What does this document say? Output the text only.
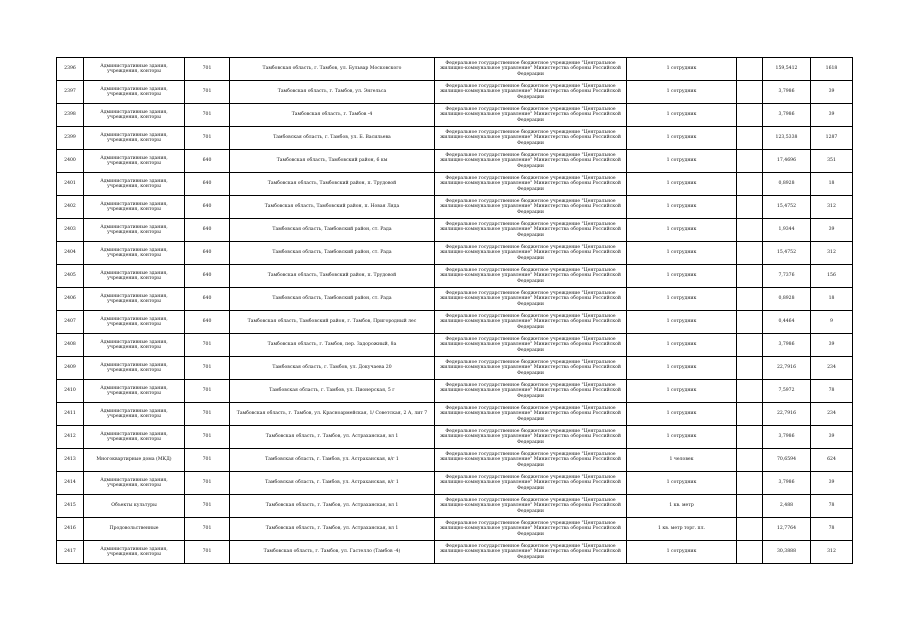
2396	Административные здания, учреждения, конторы	701	Тамбовская область, г. Тамбов, ул. Бульвар Московского	Федеральное государственное бюджетное учреждение "Центральное жилищно-коммунальное управление" Министерства обороны Российской Федерации	1 сотрудник		159,5412	1618
2397	Административные здания, учреждения, конторы	701	Тамбовская область, г. Тамбов, ул. Энгельса	Федеральное государственное бюджетное учреждение "Центральное жилищно-коммунальное управление" Министерства обороны Российской Федерации	1 сотрудник		3,7986	39
2398	Административные здания, учреждения, конторы	701	Тамбовская область, г. Тамбов -4	Федеральное государственное бюджетное учреждение "Центральное жилищно-коммунальное управление" Министерства обороны Российской Федерации	1 сотрудник		3,7986	39
2399	Административные здания, учреждения, конторы	701	Тамбовская область, г. Тамбов, ул. Б. Васильева	Федеральное государственное бюджетное учреждение "Центральное жилищно-коммунальное управление" Министерства обороны Российской Федерации	1 сотрудник		123,5338	1287
2400	Административные здания, учреждения, конторы	640	Тамбовская область, Тамбовский район, 6 км	Федеральное государственное бюджетное учреждение "Центральное жилищно-коммунальное управление" Министерства обороны Российской Федерации	1 сотрудник		17,4696	351
2401	Административные здания, учреждения, конторы	640	Тамбовская область, Тамбовский район, п. Трудовой	Федеральное государственное бюджетное учреждение "Центральное жилищно-коммунальное управление" Министерства обороны Российской Федерации	1 сотрудник		0,8928	18
2402	Административные здания, учреждения, конторы	640	Тамбовская область, Тамбовский район, п. Новая Ляда	Федеральное государственное бюджетное учреждение "Центральное жилищно-коммунальное управление" Министерства обороны Российской Федерации	1 сотрудник		15,4752	312
2403	Административные здания, учреждения, конторы	640	Тамбовская область, Тамбовский район, ст. Рада	Федеральное государственное бюджетное учреждение "Центральное жилищно-коммунальное управление" Министерства обороны Российской Федерации	1 сотрудник		1,9344	39
2404	Административные здания, учреждения, конторы	640	Тамбовская область, Тамбовский район, ст. Рада	Федеральное государственное бюджетное учреждение "Центральное жилищно-коммунальное управление" Министерства обороны Российской Федерации	1 сотрудник		15,4752	312
2405	Административные здания, учреждения, конторы	640	Тамбовская область, Тамбовский район, п. Трудовой	Федеральное государственное бюджетное учреждение "Центральное жилищно-коммунальное управление" Министерства обороны Российской Федерации	1 сотрудник		7,7376	156
2406	Административные здания, учреждения, конторы	640	Тамбовская область, Тамбовский район, ст. Рада	Федеральное государственное бюджетное учреждение "Центральное жилищно-коммунальное управление" Министерства обороны Российской Федерации	1 сотрудник		0,8928	18
2407	Административные здания, учреждения, конторы	640	Тамбовская область, Тамбовский район, г. Тамбов, Пригородный лес	Федеральное государственное бюджетное учреждение "Центральное жилищно-коммунальное управление" Министерства обороны Российской Федерации	1 сотрудник		0,4464	9
2408	Административные здания, учреждения, конторы	701	Тамбовская область, г. Тамбов, пер. Задорожный, 8а	Федеральное государственное бюджетное учреждение "Центральное жилищно-коммунальное управление" Министерства обороны Российской Федерации	1 сотрудник		3,7986	39
2409	Административные здания, учреждения, конторы	701	Тамбовская область, г. Тамбов, ул. Докучаева 20	Федеральное государственное бюджетное учреждение "Центральное жилищно-коммунальное управление" Министерства обороны Российской Федерации	1 сотрудник		22,7916	234
2410	Административные здания, учреждения, конторы	701	Тамбовская область, г. Тамбов, ул. Пионерская, 5 г	Федеральное государственное бюджетное учреждение "Центральное жилищно-коммунальное управление" Министерства обороны Российской Федерации	1 сотрудник		7,5972	78
2411	Административные здания, учреждения, конторы	701	Тамбовская область, г. Тамбов, ул. Красноармейская, 1/ Советская, 2 А, лит 7	Федеральное государственное бюджетное учреждение "Центральное жилищно-коммунальное управление" Министерства обороны Российской Федерации	1 сотрудник		22,7916	234
2412	Административные здания, учреждения, конторы	701	Тамбовская область, г. Тамбов, ул. Астраханская, вл 1	Федеральное государственное бюджетное учреждение "Центральное жилищно-коммунальное управление" Министерства обороны Российской Федерации	1 сотрудник		3,7986	39
2413	Многоквартирные дома (МКД)	701	Тамбовская область, г. Тамбов, ул. Астраханская, в/г 1	Федеральное государственное бюджетное учреждение "Центральное жилищно-коммунальное управление" Министерства обороны Российской Федерации	1 человек		70,6594	624
2414	Административные здания, учреждения, конторы	701	Тамбовская область, г. Тамбов, ул. Астраханская, в/г 1	Федеральное государственное бюджетное учреждение "Центральное жилищно-коммунальное управление" Министерства обороны Российской Федерации	1 сотрудник		3,7986	39
2415	Объекты культуры	701	Тамбовская область, г. Тамбов, ул. Астраханская, вл 1	Федеральное государственное бюджетное учреждение "Центральное жилищно-коммунальное управление" Министерства обороны Российской Федерации	1 кв. метр		2,488	78
2416	Продовольственные	701	Тамбовская область, г. Тамбов, ул. Астраханская, вл 1	Федеральное государственное бюджетное учреждение "Центральное жилищно-коммунальное управление" Министерства обороны Российской Федерации	1 кв. метр торг. пл.		12,7764	78
2417	Административные здания, учреждения, конторы	701	Тамбовская область, г. Тамбов, ул. Гастелло (Тамбов -4)	Федеральное государственное бюджетное учреждение "Центральное жилищно-коммунальное управление" Министерства обороны Российской Федерации	1 сотрудник		30,3888	312
